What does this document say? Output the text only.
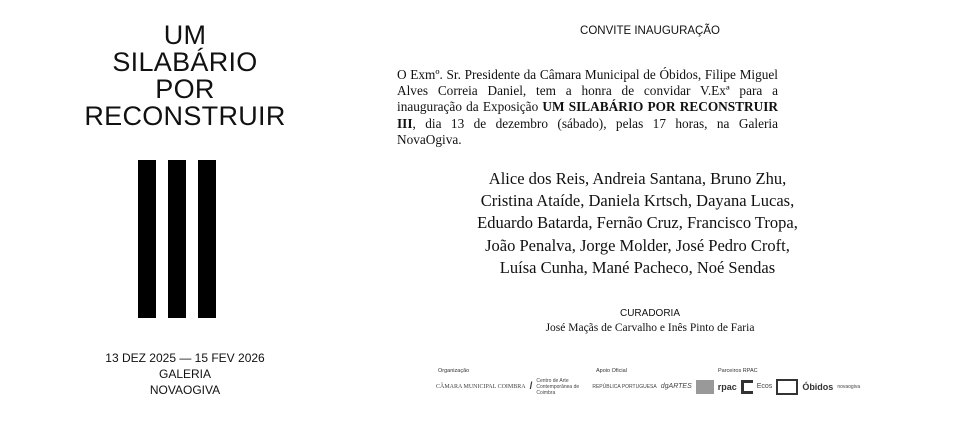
UM
SILABÁRIO
POR
RECONSTRUIR
13 DEZ 2025 — 15 FEV 2026
GALERIA
NOVAOGIVA
CONVITE INAUGURAÇÃO

O Exmº. Sr. Presidente da Câmara Municipal de Óbidos, Filipe Miguel Alves Correia Daniel, tem a honra de convidar V.Exª para a inauguração da Exposição UM SILABÁRIO POR RECONSTRUIR III, dia 13 de dezembro (sábado), pelas 17 horas, na Galeria NovaOgiva.

Alice dos Reis, Andreia Santana, Bruno Zhu,
Cristina Ataíde, Daniela Krtsch, Dayana Lucas,
Eduardo Batarda, Fernão Cruz, Francisco Tropa,
João Penalva, Jorge Molder, José Pedro Croft,
Luísa Cunha, Mané Pacheco, Noé Sendas
CURADORIA
José Maçãs de Carvalho e Inês Pinto de Faria
Organização	Apoio Oficial	Parceiros RPAC
CÂMARA MUNICIPAL COIMBRA / Centro de Arte Contemporânea de Coimbra
REPÚBLICA PORTUGUESA dgARTES	rpac	Ecos	Óbidos novaogiva
